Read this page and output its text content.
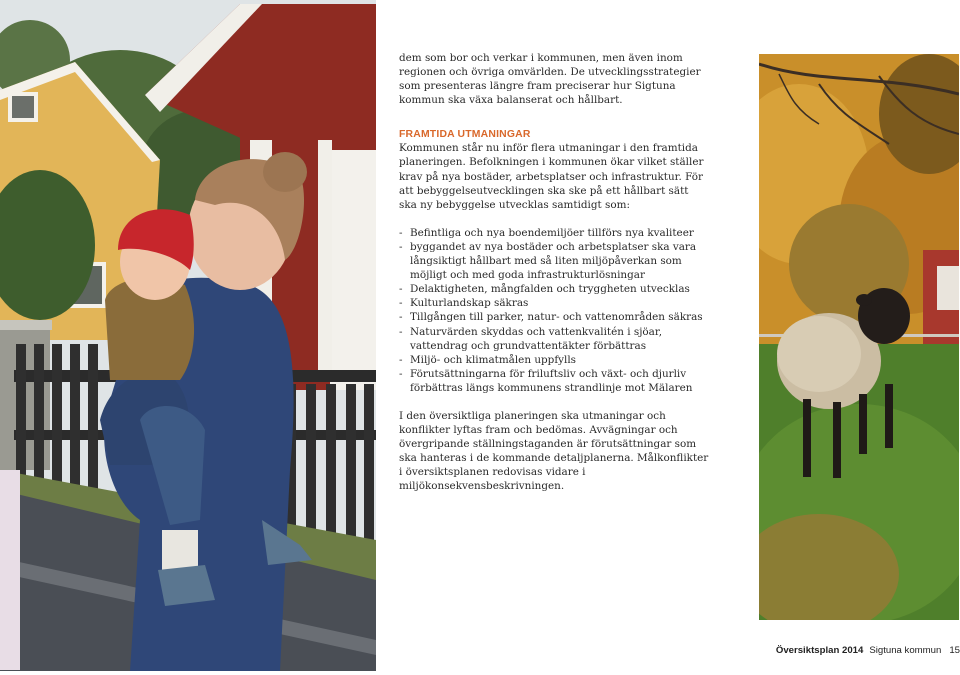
dem som bor och verkar i kommunen, men även inom regionen och övriga omvärlden. De utvecklingsstrategier som presenteras längre fram preciserar hur Sigtuna kommun ska växa balanserat och hållbart.

FRAMTIDA UTMANINGAR

Kommunen står nu inför flera utmaningar i den framtida planeringen. Befolkningen i kommunen ökar vilket ställer krav på nya bostäder, arbetsplatser och infrastruktur. För att bebyggelseutvecklingen ska ske på ett hållbart sätt ska ny bebyggelse utvecklas samtidigt som:

- Befintliga och nya boendemiljöer tillförs nya kvaliteer
- byggandet av nya bostäder och arbetsplatser ska vara långsiktigt hållbart med så liten miljöpåverkan som möjligt och med goda infrastrukturlösningar
- Delaktigheten, mångfalden och tryggheten utvecklas
- Kulturlandskap säkras
- Tillgången till parker, natur- och vattenområden säkras
- Naturvärden skyddas och vattenkvalitén i sjöar, vattendrag och grundvattentäkter förbättras
- Miljö- och klimatmålen uppfylls
- Förutsättningarna för friluftsliv och växt- och djurliv förbättras längs kommunens strandlinje mot Mälaren

I den översiktliga planeringen ska utmaningar och konflikter lyftas fram och bedömas. Avvägningar och övergripande ställningstaganden är förutsättningar som ska hanteras i de kommande detaljplanerna. Målkonflikter i översiktsplanen redovisas vidare i miljökonsekvensbeskrivningen.

Översiktsplan 2014 Sigtuna kommun 15
